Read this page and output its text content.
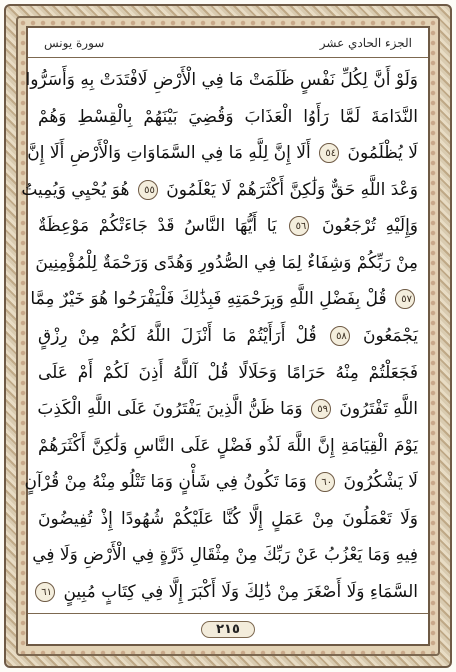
الجزء الحادي عشر
سورة يونس
وَلَوْ أَنَّ لِكُلِّ نَفْسٍ ظَلَمَتْ مَا فِي الْأَرْضِ لَافْتَدَتْ بِهِ وَأَسَرُّوا
النَّدَامَةَ لَمَّا رَأَوُا الْعَذَابَ وَقُضِيَ بَيْنَهُمْ بِالْقِسْطِ وَهُمْ
لَا يُظْلَمُونَ ٥٤ أَلَا إِنَّ لِلَّهِ مَا فِي السَّمَاوَاتِ وَالْأَرْضِ أَلَا إِنَّ
وَعْدَ اللَّهِ حَقٌّ وَلَٰكِنَّ أَكْثَرَهُمْ لَا يَعْلَمُونَ ٥٥ هُوَ يُحْيِي وَيُمِيتُ
وَإِلَيْهِ تُرْجَعُونَ ٥٦ يَا أَيُّهَا النَّاسُ قَدْ جَاءَتْكُمْ مَوْعِظَةٌ
مِنْ رَبِّكُمْ وَشِفَاءٌ لِمَا فِي الصُّدُورِ وَهُدًى وَرَحْمَةٌ لِلْمُؤْمِنِينَ
٥٧ قُلْ بِفَضْلِ اللَّهِ وَبِرَحْمَتِهِ فَبِذَٰلِكَ فَلْيَفْرَحُوا هُوَ خَيْرٌ مِمَّا
يَجْمَعُونَ ٥٨ قُلْ أَرَأَيْتُمْ مَا أَنْزَلَ اللَّهُ لَكُمْ مِنْ رِزْقٍ
فَجَعَلْتُمْ مِنْهُ حَرَامًا وَحَلَالًا قُلْ آللَّهُ أَذِنَ لَكُمْ أَمْ عَلَى
اللَّهِ تَفْتَرُونَ ٥٩ وَمَا ظَنُّ الَّذِينَ يَفْتَرُونَ عَلَى اللَّهِ الْكَذِبَ
يَوْمَ الْقِيَامَةِ إِنَّ اللَّهَ لَذُو فَضْلٍ عَلَى النَّاسِ وَلَٰكِنَّ أَكْثَرَهُمْ
لَا يَشْكُرُونَ ٦٠ وَمَا تَكُونُ فِي شَأْنٍ وَمَا تَتْلُو مِنْهُ مِنْ قُرْآنٍ
وَلَا تَعْمَلُونَ مِنْ عَمَلٍ إِلَّا كُنَّا عَلَيْكُمْ شُهُودًا إِذْ تُفِيضُونَ
فِيهِ وَمَا يَعْزُبُ عَنْ رَبِّكَ مِنْ مِثْقَالِ ذَرَّةٍ فِي الْأَرْضِ وَلَا فِي
السَّمَاءِ وَلَا أَصْغَرَ مِنْ ذَٰلِكَ وَلَا أَكْبَرَ إِلَّا فِي كِتَابٍ مُبِينٍ ٦١
٢١٥
